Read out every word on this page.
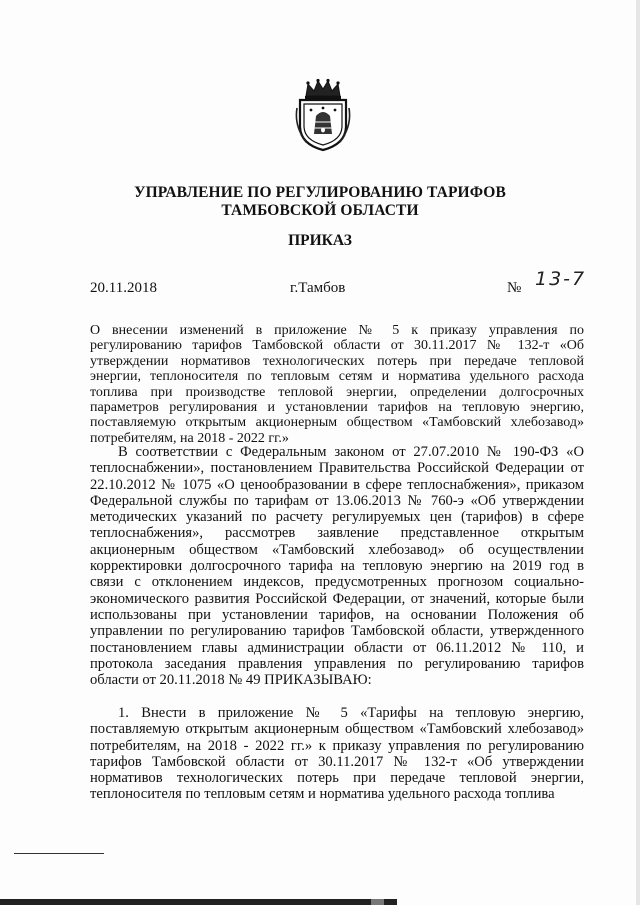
УПРАВЛЕНИЕ ПО РЕГУЛИРОВАНИЮ ТАРИФОВ
ТАМБОВСКОЙ ОБЛАСТИ
ПРИКАЗ
20.11.2018	г.Тамбов	№ 13-7
О внесении изменений в приложение № 5 к приказу управления по регулированию тарифов Тамбовской области от 30.11.2017 № 132-т «Об утверждении нормативов технологических потерь при передаче тепловой энергии, теплоносителя по тепловым сетям и норматива удельного расхода топлива при производстве тепловой энергии, определении долгосрочных параметров регулирования и установлении тарифов на тепловую энергию, поставляемую открытым акционерным обществом «Тамбовский хлебозавод» потребителям, на 2018 - 2022 гг.»
В соответствии с Федеральным законом от 27.07.2010 № 190-ФЗ «О теплоснабжении», постановлением Правительства Российской Федерации от 22.10.2012 № 1075 «О ценообразовании в сфере теплоснабжения», приказом Федеральной службы по тарифам от 13.06.2013 № 760-э «Об утверждении методических указаний по расчету регулируемых цен (тарифов) в сфере теплоснабжения», рассмотрев заявление представленное открытым акционерным обществом «Тамбовский хлебозавод» об осуществлении корректировки долгосрочного тарифа на тепловую энергию на 2019 год в связи с отклонением индексов, предусмотренных прогнозом социально-экономического развития Российской Федерации, от значений, которые были использованы при установлении тарифов, на основании Положения об управлении по регулированию тарифов Тамбовской области, утвержденного постановлением главы администрации области от 06.11.2012 № 110, и протокола заседания правления управления по регулированию тарифов области от 20.11.2018 № 49 ПРИКАЗЫВАЮ:
1. Внести в приложение № 5 «Тарифы на тепловую энергию, поставляемую открытым акционерным обществом «Тамбовский хлебозавод» потребителям, на 2018 - 2022 гг.» к приказу управления по регулированию тарифов Тамбовской области от 30.11.2017 № 132-т «Об утверждении нормативов технологических потерь при передаче тепловой энергии, теплоносителя по тепловым сетям и норматива удельного расхода топлива
